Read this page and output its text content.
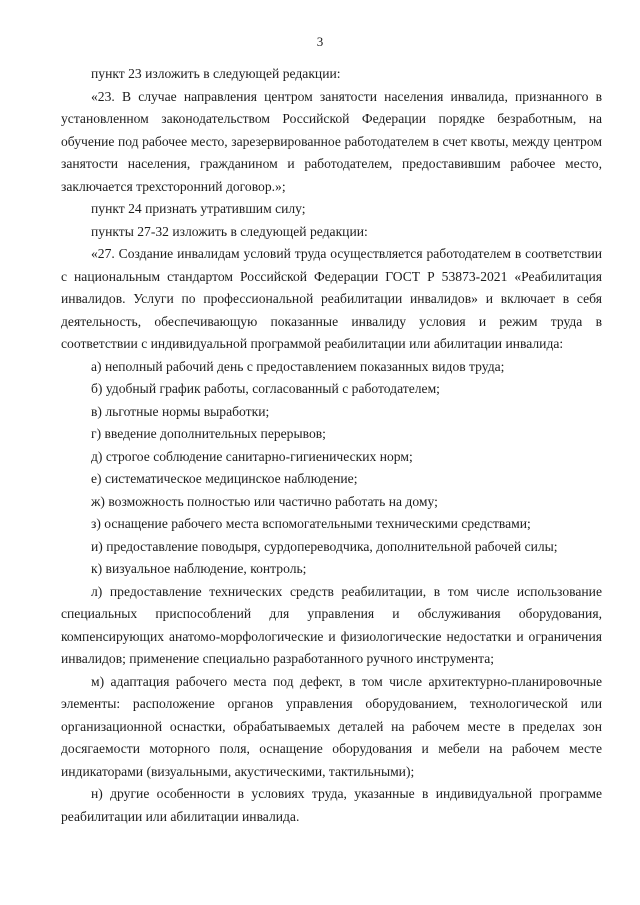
3

пункт 23 изложить в следующей редакции:

«23. В случае направления центром занятости населения инвалида, признанного в установленном законодательством Российской Федерации порядке безработным, на обучение под рабочее место, зарезервированное работодателем в счет квоты, между центром занятости населения, гражданином и работодателем, предоставившим рабочее место, заключается трехсторонний договор.»;

пункт 24 признать утратившим силу;

пункты 27-32 изложить в следующей редакции:

«27. Создание инвалидам условий труда осуществляется работодателем в соответствии с национальным стандартом Российской Федерации ГОСТ Р 53873-2021 «Реабилитация инвалидов. Услуги по профессиональной реабилитации инвалидов» и включает в себя деятельность, обеспечивающую показанные инвалиду условия и режим труда в соответствии с индивидуальной программой реабилитации или абилитации инвалида:

а) неполный рабочий день с предоставлением показанных видов труда;

б) удобный график работы, согласованный с работодателем;

в) льготные нормы выработки;

г) введение дополнительных перерывов;

д) строгое соблюдение санитарно-гигиенических норм;

е) систематическое медицинское наблюдение;

ж) возможность полностью или частично работать на дому;

з) оснащение рабочего места вспомогательными техническими средствами;

и) предоставление поводыря, сурдопереводчика, дополнительной рабочей силы;

к) визуальное наблюдение, контроль;

л) предоставление технических средств реабилитации, в том числе использование специальных приспособлений для управления и обслуживания оборудования, компенсирующих анатомо-морфологические и физиологические недостатки и ограничения инвалидов; применение специально разработанного ручного инструмента;

м) адаптация рабочего места под дефект, в том числе архитектурно-планировочные элементы: расположение органов управления оборудованием, технологической или организационной оснастки, обрабатываемых деталей на рабочем месте в пределах зон досягаемости моторного поля, оснащение оборудования и мебели на рабочем месте индикаторами (визуальными, акустическими, тактильными);

н) другие особенности в условиях труда, указанные в индивидуальной программе реабилитации или абилитации инвалида.
